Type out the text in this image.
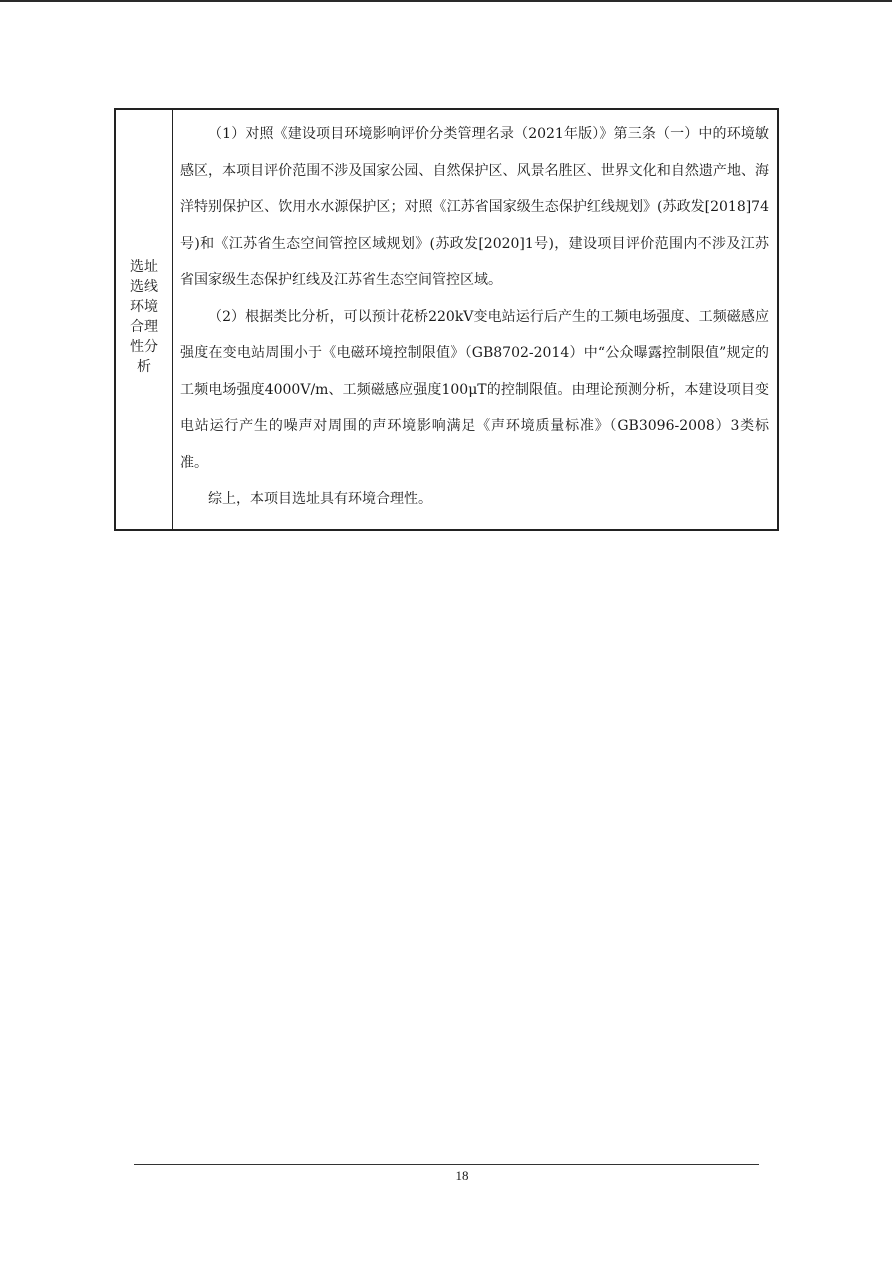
选址选线环境合理性分析

（1）对照《建设项目环境影响评价分类管理名录（2021年版）》第三条（一）中的环境敏感区，本项目评价范围不涉及国家公园、自然保护区、风景名胜区、世界文化和自然遗产地、海洋特别保护区、饮用水水源保护区；对照《江苏省国家级生态保护红线规划》(苏政发[2018]74号)和《江苏省生态空间管控区域规划》(苏政发[2020]1号)，建设项目评价范围内不涉及江苏省国家级生态保护红线及江苏省生态空间管控区域。

（2）根据类比分析，可以预计花桥220kV变电站运行后产生的工频电场强度、工频磁感应强度在变电站周围小于《电磁环境控制限值》（GB8702-2014）中“公众曝露控制限值”规定的工频电场强度4000V/m、工频磁感应强度100μT的控制限值。由理论预测分析，本建设项目变电站运行产生的噪声对周围的声环境影响满足《声环境质量标准》（GB3096-2008）3类标准。

综上，本项目选址具有环境合理性。

18
